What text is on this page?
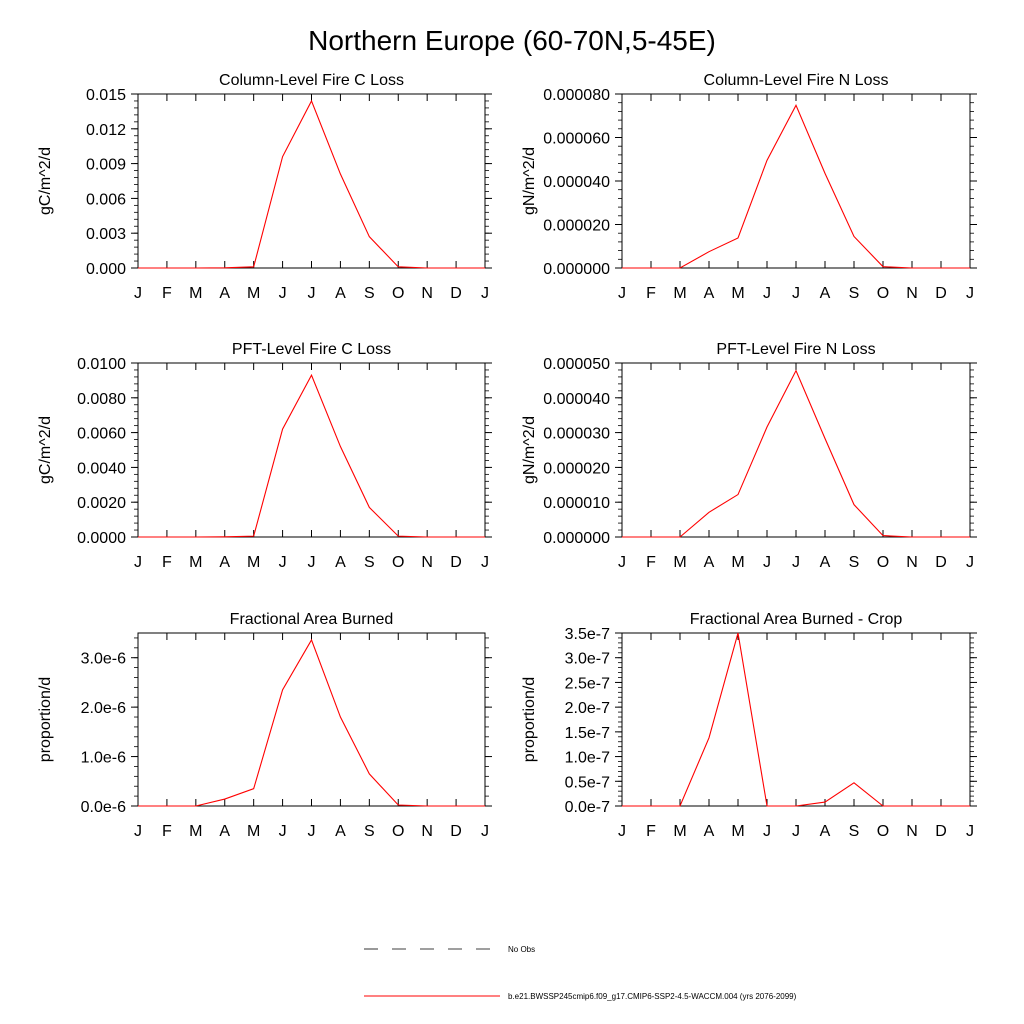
Northern Europe (60-70N,5-45E)
Column-Level Fire C Loss
gC/m^2/d
J F M A M J J A S O N D J
0.000
0.003
0.006
0.009
0.012
0.015
Column-Level Fire N Loss
gN/m^2/d
J F M A M J J A S O N D J
0.000000
0.000020
0.000040
0.000060
0.000080
PFT-Level Fire C Loss
gC/m^2/d
J F M A M J J A S O N D J
0.0000
0.0020
0.0040
0.0060
0.0080
0.0100
PFT-Level Fire N Loss
gN/m^2/d
J F M A M J J A S O N D J
0.000000
0.000010
0.000020
0.000030
0.000040
0.000050
Fractional Area Burned
proportion/d
J F M A M J J A S O N D J
0.0e-6
1.0e-6
2.0e-6
3.0e-6
Fractional Area Burned - Crop
proportion/d
J F M A M J J A S O N D J
0.0e-7
0.5e-7
1.0e-7
1.5e-7
2.0e-7
2.5e-7
3.0e-7
3.5e-7
No Obs
b.e21.BWSSP245cmip6.f09_g17.CMIP6-SSP2-4.5-WACCM.004 (yrs 2076-2099)
